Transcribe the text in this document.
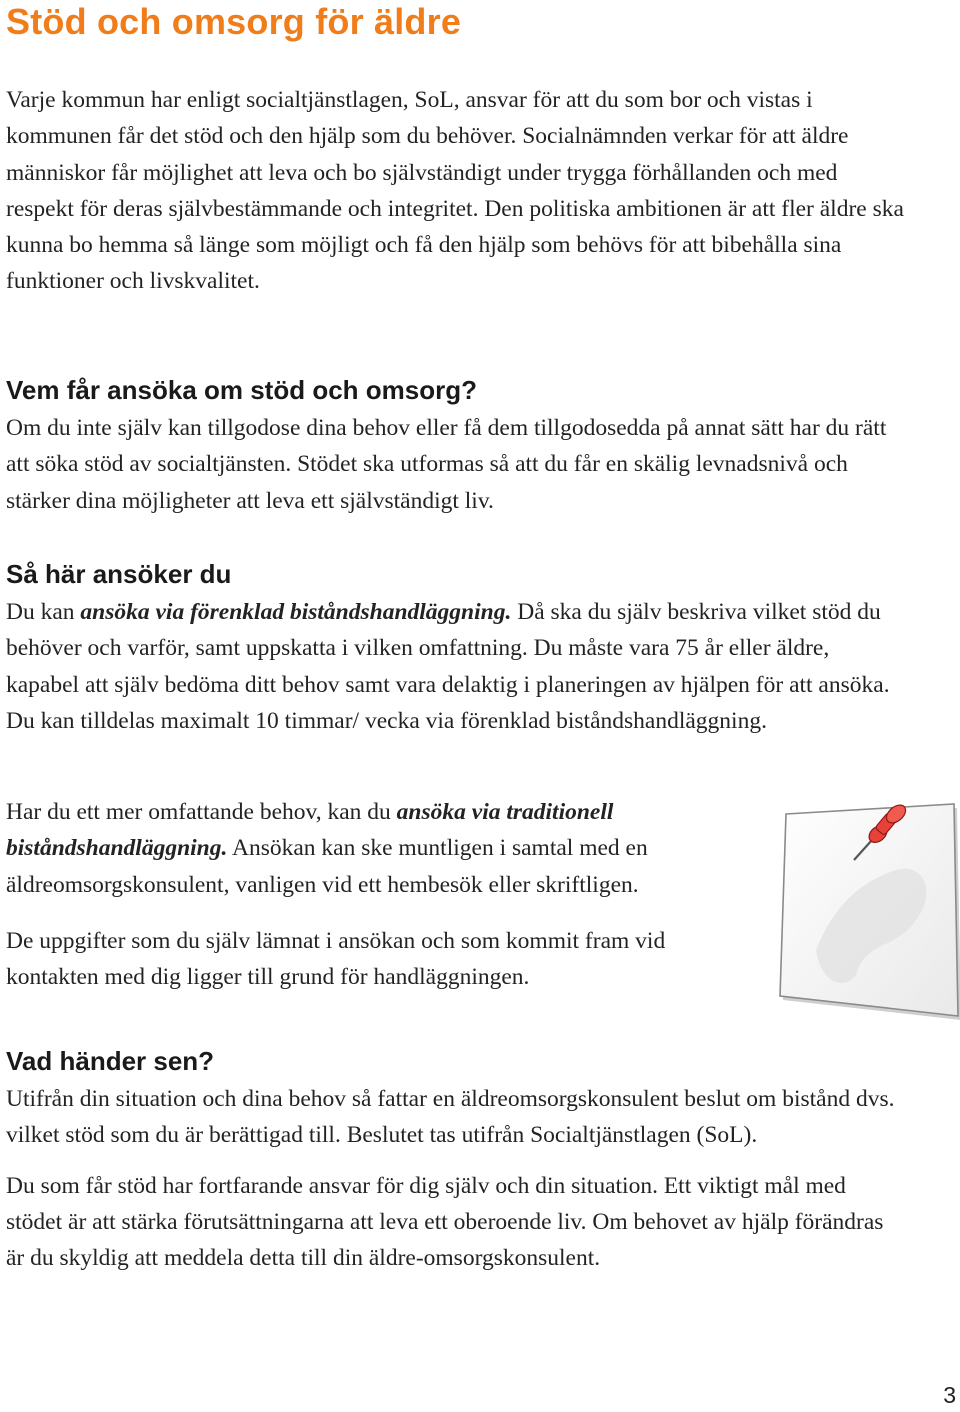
Stöd och omsorg för äldre

Varje kommun har enligt socialtjänstlagen, SoL, ansvar för att du som bor och vistas i kommunen får det stöd och den hjälp som du behöver. Socialnämnden verkar för att äldre människor får möjlighet att leva och bo självständigt under trygga förhållanden och med respekt för deras självbestämmande och integritet. Den politiska ambitionen är att fler äldre ska kunna bo hemma så länge som möjligt och få den hjälp som behövs för att bibehålla sina funktioner och livskvalitet.

Vem får ansöka om stöd och omsorg?

Om du inte själv kan tillgodose dina behov eller få dem tillgodosedda på annat sätt har du rätt att söka stöd av socialtjänsten. Stödet ska utformas så att du får en skälig levnadsnivå och stärker dina möjligheter att leva ett självständigt liv.

Så här ansöker du

Du kan ansöka via förenklad biståndshandläggning. Då ska du själv beskriva vilket stöd du behöver och varför, samt uppskatta i vilken omfattning. Du måste vara 75 år eller äldre, kapabel att själv bedöma ditt behov samt vara delaktig i planeringen av hjälpen för att ansöka. Du kan tilldelas maximalt 10 timmar/ vecka via förenklad biståndshandläggning.

Har du ett mer omfattande behov, kan du ansöka via traditionell biståndshandläggning. Ansökan kan ske muntligen i samtal med en äldreomsorgskonsulent, vanligen vid ett hembesök eller skriftligen.

De uppgifter som du själv lämnat i ansökan och som kommit fram vid kontakten med dig ligger till grund för handläggningen.

Vad händer sen?

Utifrån din situation och dina behov så fattar en äldreomsorgskonsulent beslut om bistånd dvs. vilket stöd som du är berättigad till. Beslutet tas utifrån Socialtjänstlagen (SoL).

Du som får stöd har fortfarande ansvar för dig själv och din situation. Ett viktigt mål med stödet är att stärka förutsättningarna att leva ett oberoende liv. Om behovet av hjälp förändras är du skyldig att meddela detta till din äldre-omsorgskonsulent.

3
